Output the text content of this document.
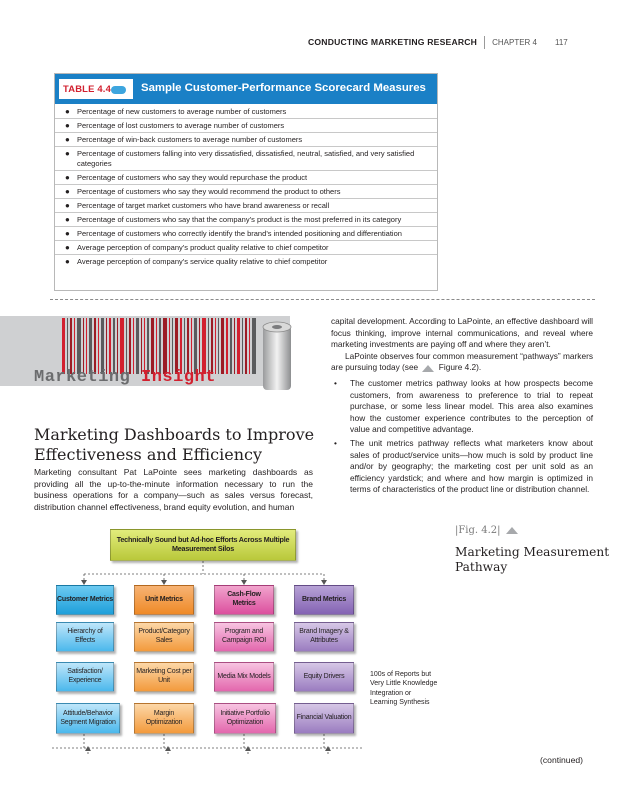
CONDUCTING MARKETING RESEARCH CHAPTER 4 117
TABLE 4.4	Sample Customer-Performance Scorecard Measures
● Percentage of new customers to average number of customers
● Percentage of lost customers to average number of customers
● Percentage of win-back customers to average number of customers
● Percentage of customers falling into very dissatisfied, dissatisfied, neutral, satisfied, and very satisfied categories
● Percentage of customers who say they would repurchase the product
● Percentage of customers who say they would recommend the product to others
● Percentage of target market customers who have brand awareness or recall
● Percentage of customers who say that the company’s product is the most preferred in its category
● Percentage of customers who correctly identify the brand’s intended positioning and differentiation
● Average perception of company’s product quality relative to chief competitor
● Average perception of company’s service quality relative to chief competitor
Marketing Insight
Marketing Dashboards to Improve Effectiveness and Efficiency
Marketing consultant Pat LaPointe sees marketing dashboards as providing all the up-to-the-minute information necessary to run the business operations for a company—such as sales versus forecast, distribution channel effectiveness, brand equity evolution, and human

capital development. According to LaPointe, an effective dashboard will focus thinking, improve internal communications, and reveal where marketing investments are paying off and where they aren’t.

LaPointe observes four common measurement “pathways” markers are pursuing today (see Figure 4.2).

• The customer metrics pathway looks at how prospects become customers, from awareness to preference to trial to repeat purchase, or some less linear model. This area also examines how the customer experience contributes to the perception of value and competitive advantage.
• The unit metrics pathway reflects what marketers know about sales of product/service units—how much is sold by product line and/or by geography; the marketing cost per unit sold as an efficiency yardstick; and where and how margin is optimized in terms of characteristics of the product line or distribution channel.
|Fig. 4.2|
Marketing Measurement Pathway
Technically Sound but Ad-hoc Efforts Across Multiple Measurement Silos
Customer Metrics	Unit Metrics
Cash-Flow Metrics
Brand Metrics
Hierarchy of Effects
Product/Category Sales
Program and Campaign ROI
Brand Imagery & Attributes
Satisfaction/ Experience
Marketing Cost per Unit
Media Mix Models	Equity Drivers
Attitude/Behavior Segment Migration
Margin Optimization
Initiative Portfolio Optimization
Financial Valuation
100s of Reports but Very Little Knowledge Integration or Learning Synthesis
(continued)
